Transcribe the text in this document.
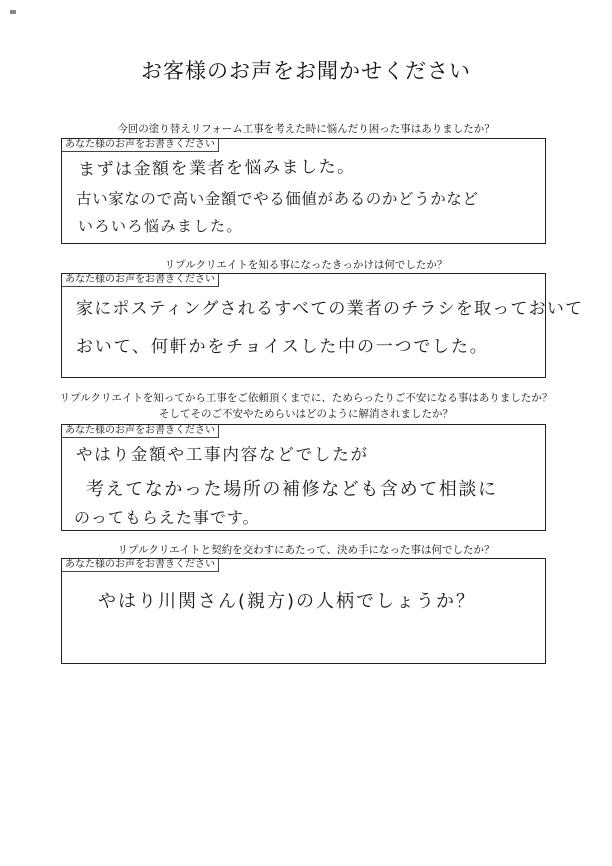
お客様のお声をお聞かせください
今回の塗り替えリフォーム工事を考えた時に悩んだり困った事はありましたか？
あなた様のお声をお書きください
まずは金額を業者を悩みました。
古い家なので高い金額でやる価値があるのかどうかなど
いろいろ悩みました。
リプルクリエイトを知る事になったきっかけは何でしたか？
あなた様のお声をお書きください
家にポスティングされるすべての業者のチラシを取っておいて
おいて、何軒かをチョイスした中の一つでした。
リプルクリエイトを知ってから工事をご依頼頂くまでに、ためらったりご不安になる事はありましたか？
そしてそのご不安やためらいはどのように解消されましたか？
あなた様のお声をお書きください
やはり金額や工事内容などでしたが
考えてなかった場所の補修なども含めて相談に
のってもらえた事です。
リプルクリエイトと契約を交わすにあたって、決め手になった事は何でしたか？
あなた様のお声をお書きください
やはり川関さん(親方)の人柄でしょうか？
